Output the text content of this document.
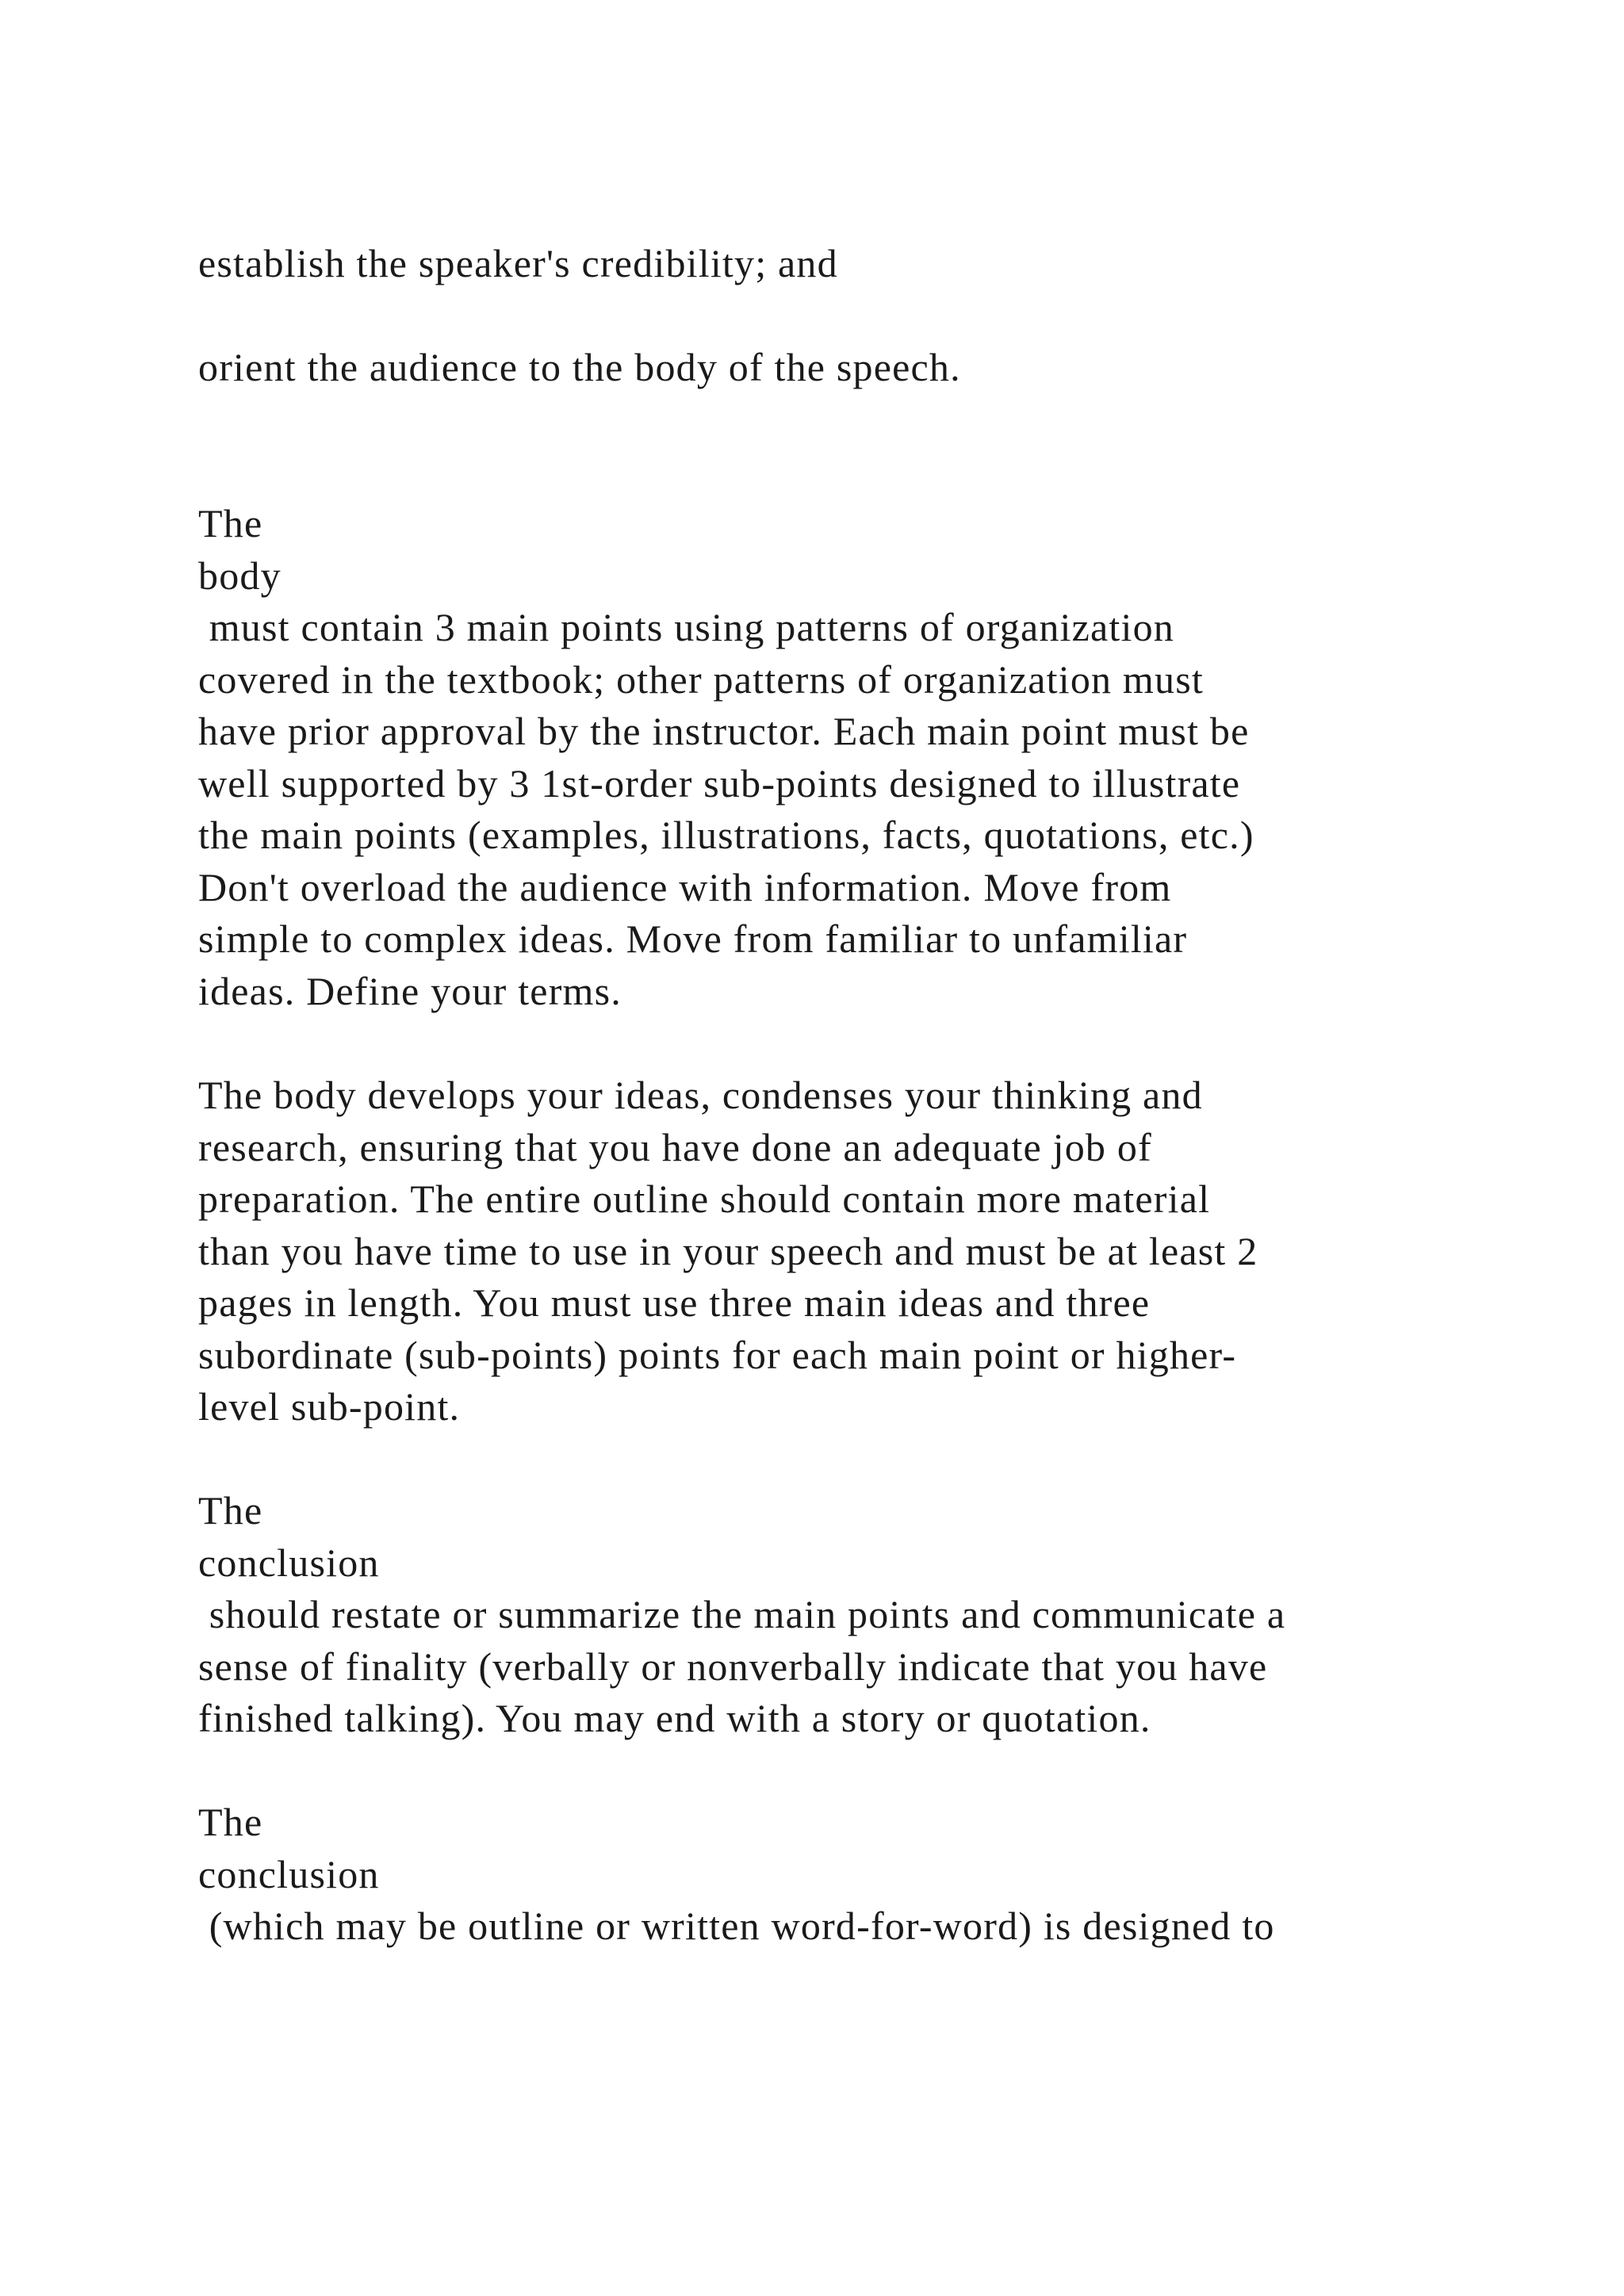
establish the speaker's credibility; and

orient the audience to the body of the speech.

The
body
must contain 3 main points using patterns of organization
covered in the textbook; other patterns of organization must
have prior approval by the instructor. Each main point must be
well supported by 3 1st-order sub-points designed to illustrate
the main points (examples, illustrations, facts, quotations, etc.)
Don't overload the audience with information. Move from
simple to complex ideas. Move from familiar to unfamiliar
ideas. Define your terms.

The body develops your ideas, condenses your thinking and
research, ensuring that you have done an adequate job of
preparation. The entire outline should contain more material
than you have time to use in your speech and must be at least 2
pages in length. You must use three main ideas and three
subordinate (sub-points) points for each main point or higher-
level sub-point.

The
conclusion
should restate or summarize the main points and communicate a
sense of finality (verbally or nonverbally indicate that you have
finished talking). You may end with a story or quotation.

The
conclusion
(which may be outline or written word-for-word) is designed to
